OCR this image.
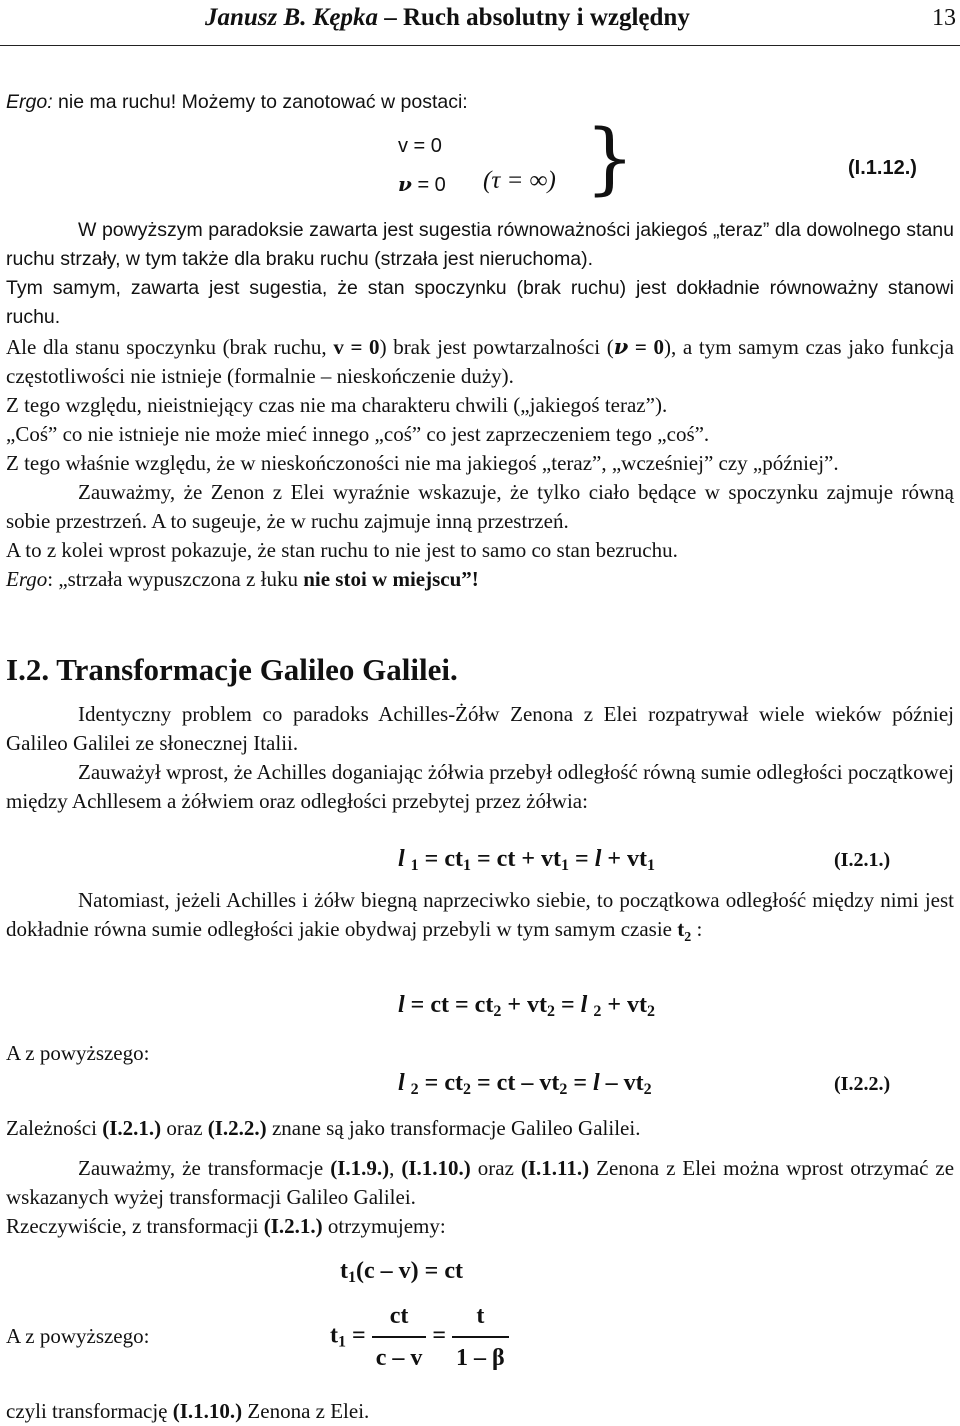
Janusz B. Kępka – Ruch absolutny i względny	13
Ergo: nie ma ruchu! Możemy to zanotować w postaci:
v = 0
ν = 0 (τ = ∞) }	(I.1.12.)

W powyższym paradoksie zawarta jest sugestia równoważności jakiegoś „teraz” dla dowolnego stanu ruchu strzały, w tym także dla braku ruchu (strzała jest nieruchoma).

Tym samym, zawarta jest sugestia, że stan spoczynku (brak ruchu) jest dokładnie równoważny stanowi ruchu.

Ale dla stanu spoczynku (brak ruchu, v = 0) brak jest powtarzalności (ν = 0), a tym samym czas jako funkcja częstotliwości nie istnieje (formalnie – nieskończenie duży).

Z tego względu, nieistniejący czas nie ma charakteru chwili („jakiegoś teraz”).

„Coś” co nie istnieje nie może mieć innego „coś” co jest zaprzeczeniem tego „coś”.

Z tego właśnie względu, że w nieskończoności nie ma jakiegoś „teraz”, „wcześniej” czy „później”.

Zauważmy, że Zenon z Elei wyraźnie wskazuje, że tylko ciało będące w spoczynku zajmuje równą sobie przestrzeń. A to sugeuje, że w ruchu zajmuje inną przestrzeń.

A to z kolei wprost pokazuje, że stan ruchu to nie jest to samo co stan bezruchu.

Ergo: „strzała wypuszczona z łuku nie stoi w miejscu”!

I.2. Transformacje Galileo Galilei.

Identyczny problem co paradoks Achilles-Żółw Zenona z Elei rozpatrywał wiele wieków później Galileo Galilei ze słonecznej Italii.

Zauważył wprost, że Achilles doganiając żółwia przebył odległość równą sumie odległości początkowej między Achllesem a żółwiem oraz odległości przebytej przez żółwia:

l $_1 = ct_1$ = ct + $vt_1 = l + vt_1$	(I.2.1.)

Natomiast, jeżeli Achilles i żółw biegną naprzeciwko siebie, to początkowa odległość między nimi jest dokładnie równa sumie odległości jakie obydwaj przebyli w tym samym czasie $t_2$ :

l = ct = $ct_2 + vt_2 = l$ $_2 + vt_2$
A z powyższego:
l $_2 = ct_2$ = ct – $vt_2 = l - vt_2$	(I.2.2.)

Zależności (I.2.1.) oraz (I.2.2.) znane są jako transformacje Galileo Galilei.

Zauważmy, że transformacje (I.1.9.), (I.1.10.) oraz (I.1.11.) Zenona z Elei można wprost otrzymać ze wskazanych wyżej transformacji Galileo Galilei.

Rzeczywiście, z transformacji (I.2.1.) otrzymujemy:

$t_1(c - v)$ = ct
A z powyższego:	$t_1 = \frac{ct}{c - v} = \frac{t}{1 - \beta}$
czyli transformację (I.1.10.) Zenona z Elei.
